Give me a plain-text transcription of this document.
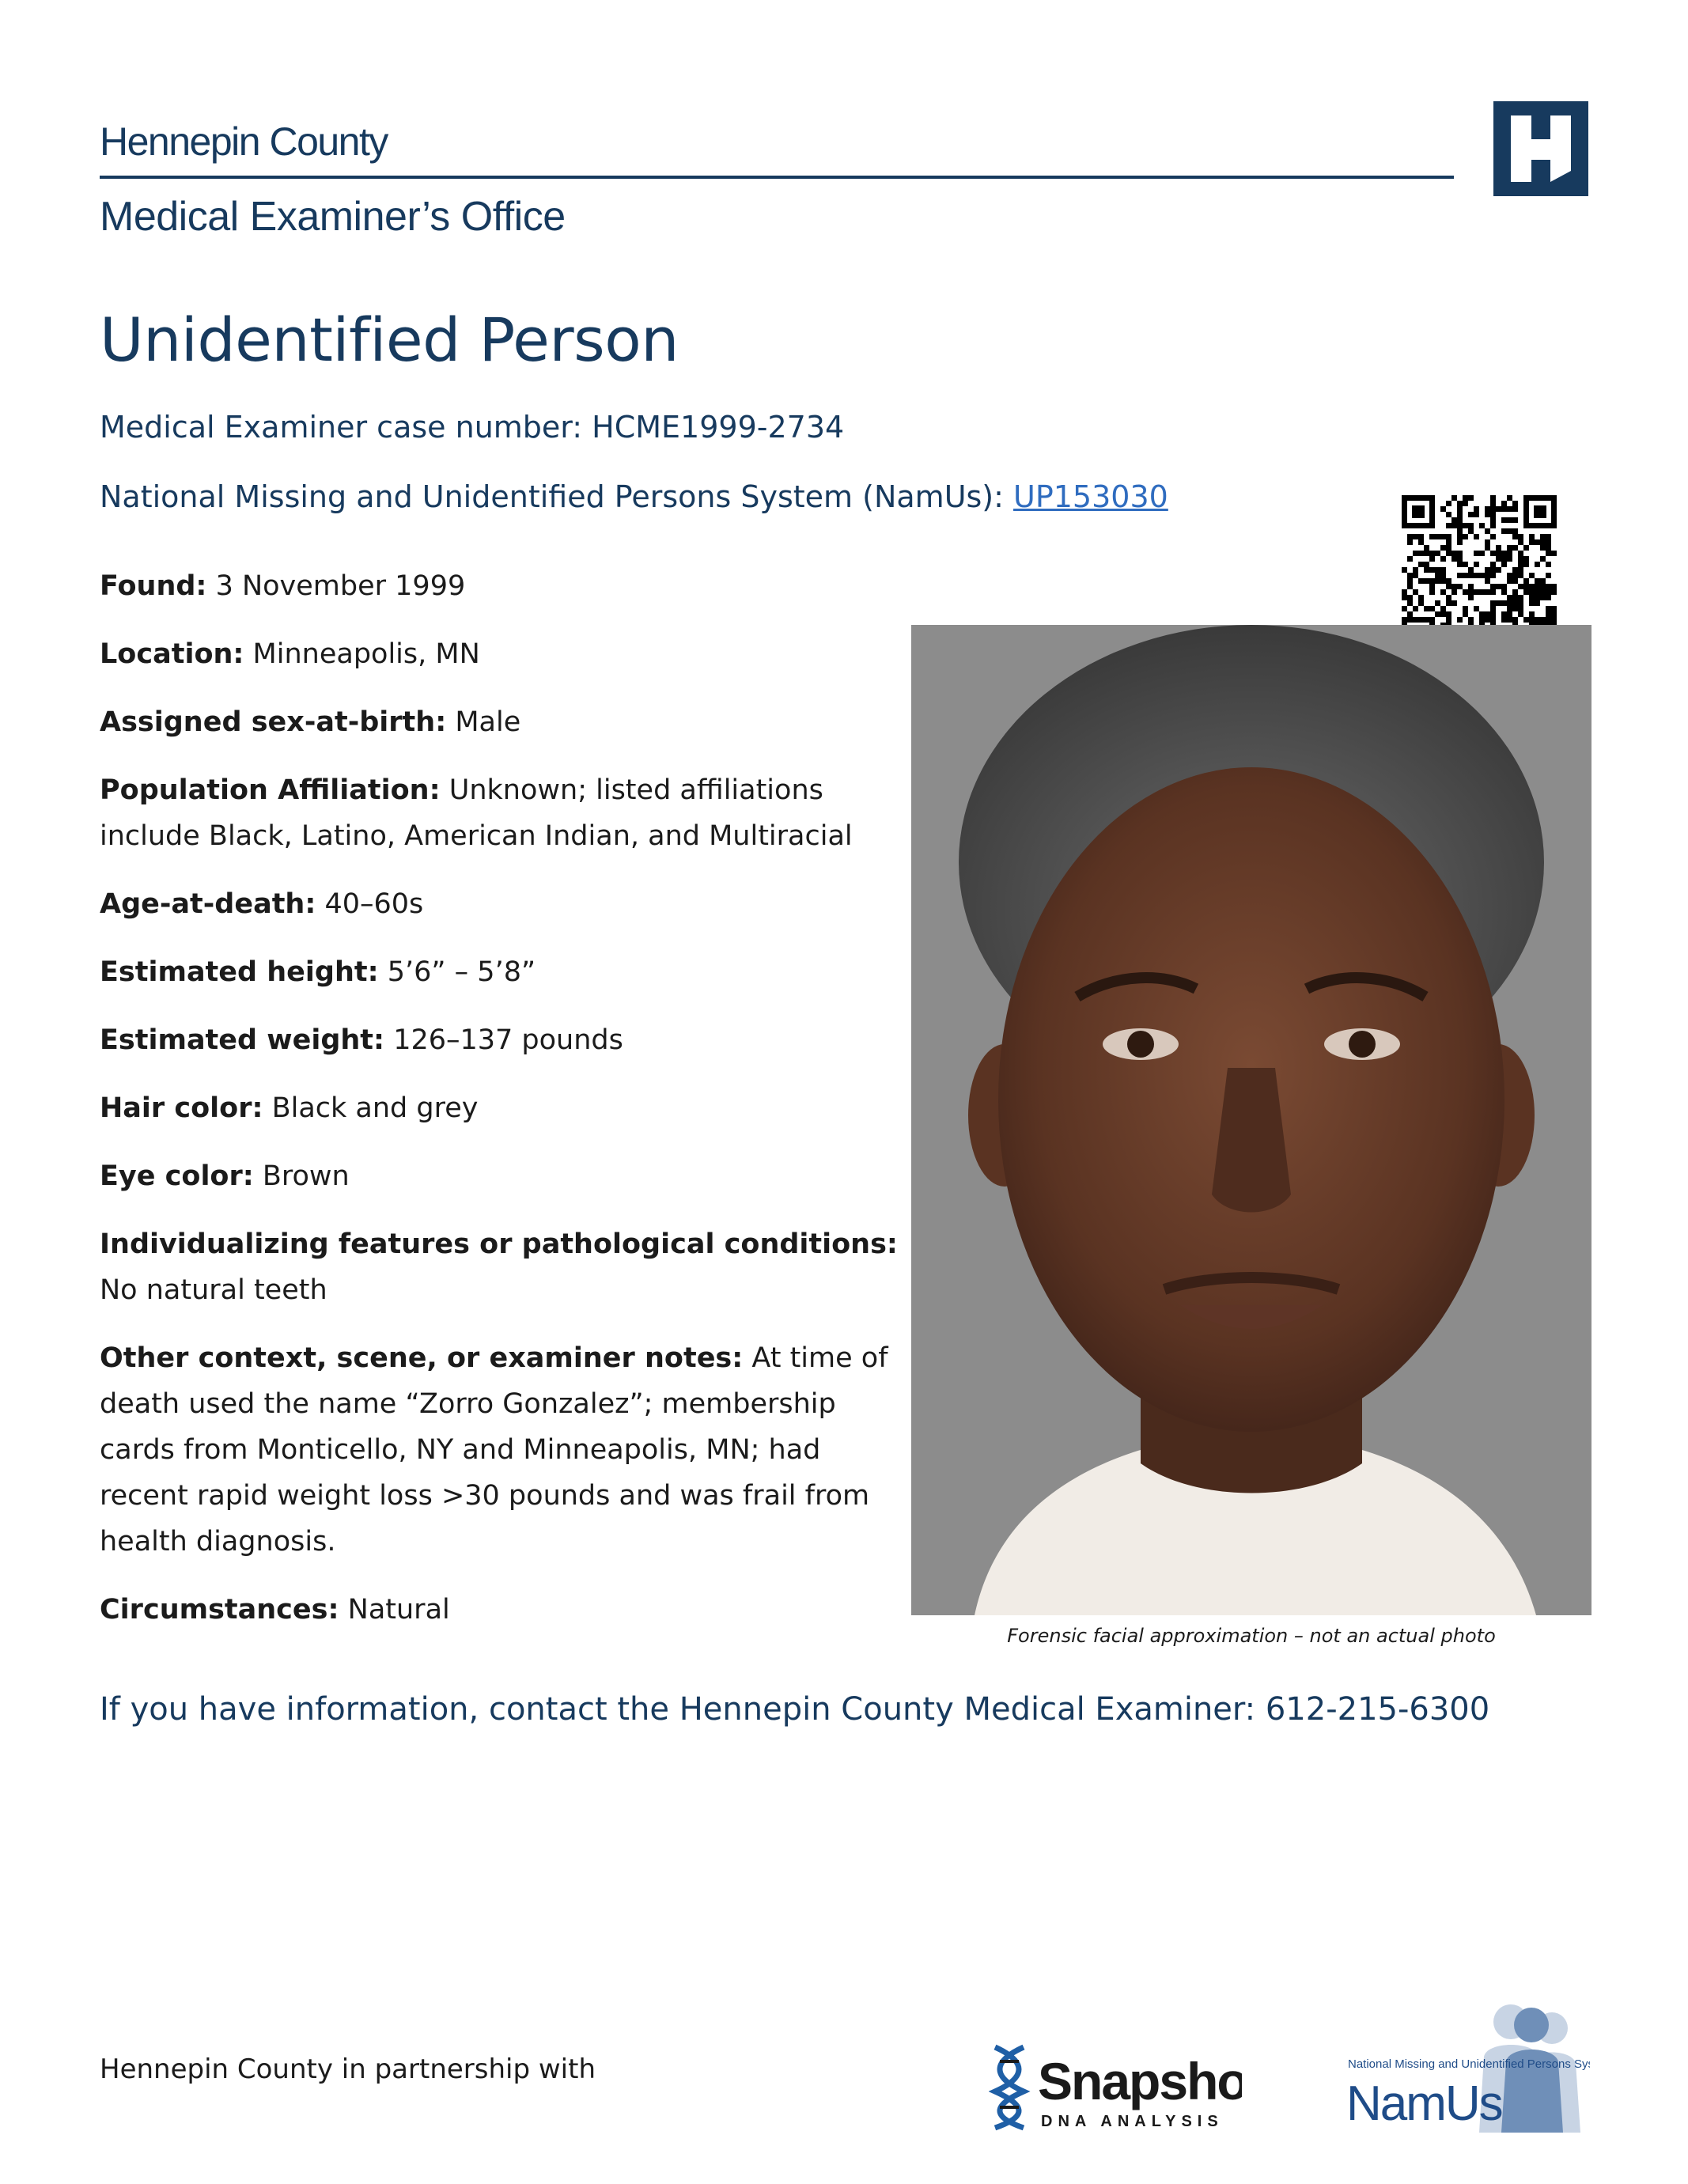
Hennepin County
Medical Examiner’s Office
Unidentified Person
Medical Examiner case number: HCME1999-2734
National Missing and Unidentified Persons System (NamUs): UP153030
Found: 3 November 1999
Location: Minneapolis, MN
Assigned sex-at-birth: Male
Population Affiliation: Unknown; listed affiliations include Black, Latino, American Indian, and Multiracial
Age-at-death: 40–60s
Estimated height: 5’6” – 5’8”
Estimated weight: 126–137 pounds
Hair color: Black and grey
Eye color: Brown
Individualizing features or pathological conditions: No natural teeth
Other context, scene, or examiner notes: At time of death used the name “Zorro Gonzalez”; membership cards from Monticello, NY and Minneapolis, MN; had recent rapid weight loss >30 pounds and was frail from health diagnosis.
Circumstances: Natural
Forensic facial approximation – not an actual photo
If you have information, contact the Hennepin County Medical Examiner: 612-215-6300
Hennepin County in partnership with	Snapshot
DNA ANALYSIS
National Missing and Unidentified Persons System
NamUs
